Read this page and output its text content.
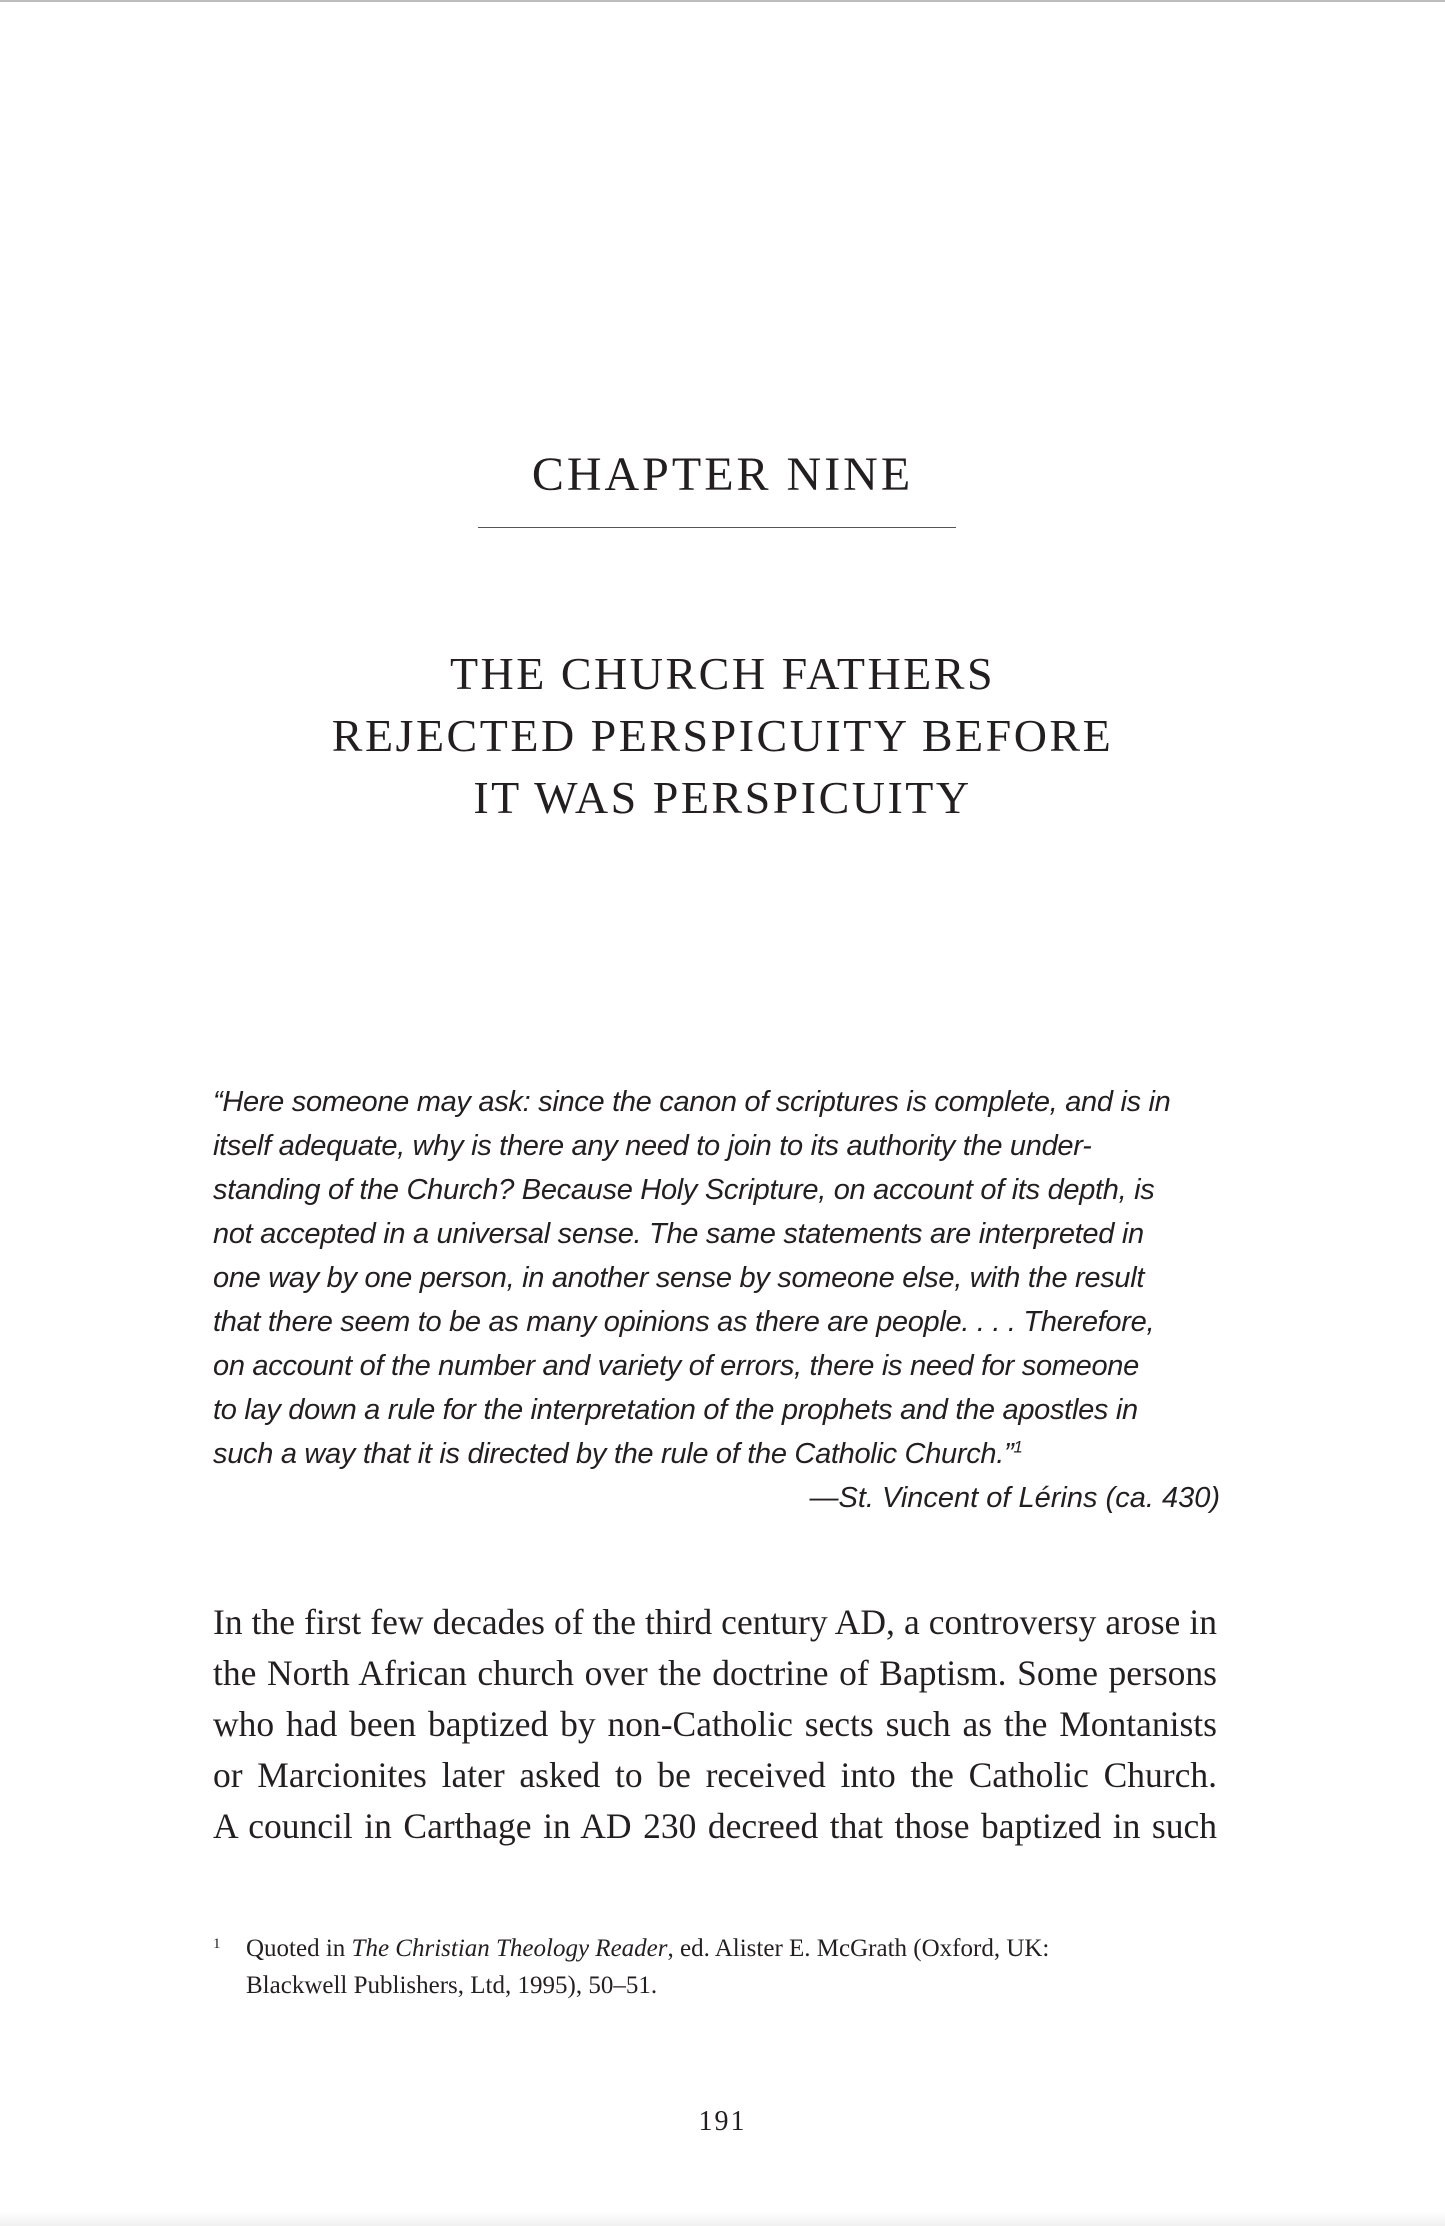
CHAPTER NINE
THE CHURCH FATHERS
REJECTED PERSPICUITY BEFORE
IT WAS PERSPICUITY
“Here someone may ask: since the canon of scriptures is complete, and is in
itself adequate, why is there any need to join to its authority the under-
standing of the Church? Because Holy Scripture, on account of its depth, is
not accepted in a universal sense. The same statements are interpreted in
one way by one person, in another sense by someone else, with the result
that there seem to be as many opinions as there are people. . . . Therefore,
on account of the number and variety of errors, there is need for someone
to lay down a rule for the interpretation of the prophets and the apostles in
such a way that it is directed by the rule of the Catholic Church.”$^1$
—St. Vincent of Lérins (ca. 430)
In the first few decades of the third century AD, a controversy arose in
the North African church over the doctrine of Baptism. Some persons
who had been baptized by non-Catholic sects such as the Montanists
or Marcionites later asked to be received into the Catholic Church.
A council in Carthage in AD 230 decreed that those baptized in such
1 Quoted in The Christian Theology Reader, ed. Alister E. McGrath (Oxford, UK:
Blackwell Publishers, Ltd, 1995), 50–51.
191
